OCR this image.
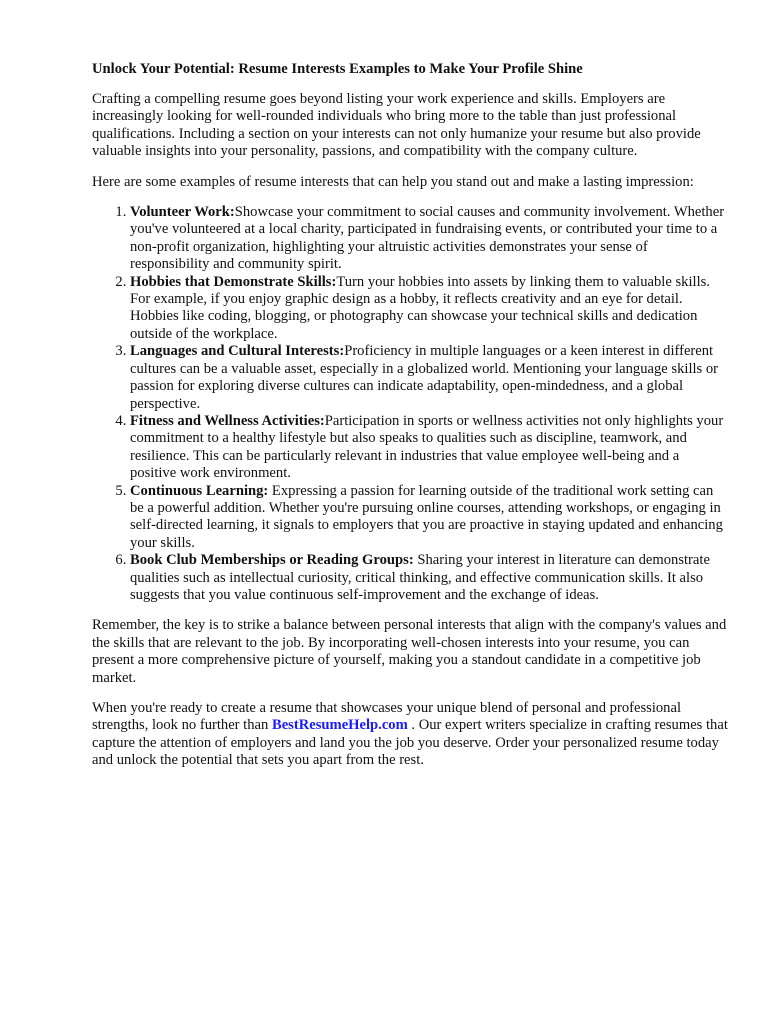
Unlock Your Potential: Resume Interests Examples to Make Your Profile Shine

Crafting a compelling resume goes beyond listing your work experience and skills. Employers are increasingly looking for well-rounded individuals who bring more to the table than just professional qualifications. Including a section on your interests can not only humanize your resume but also provide valuable insights into your personality, passions, and compatibility with the company culture.

Here are some examples of resume interests that can help you stand out and make a lasting impression:

1. Volunteer Work:Showcase your commitment to social causes and community involvement. Whether you've volunteered at a local charity, participated in fundraising events, or contributed your time to a non-profit organization, highlighting your altruistic activities demonstrates your sense of responsibility and community spirit.
2. Hobbies that Demonstrate Skills:Turn your hobbies into assets by linking them to valuable skills. For example, if you enjoy graphic design as a hobby, it reflects creativity and an eye for detail. Hobbies like coding, blogging, or photography can showcase your technical skills and dedication outside of the workplace.
3. Languages and Cultural Interests:Proficiency in multiple languages or a keen interest in different cultures can be a valuable asset, especially in a globalized world. Mentioning your language skills or passion for exploring diverse cultures can indicate adaptability, open-mindedness, and a global perspective.
4. Fitness and Wellness Activities:Participation in sports or wellness activities not only highlights your commitment to a healthy lifestyle but also speaks to qualities such as discipline, teamwork, and resilience. This can be particularly relevant in industries that value employee well-being and a positive work environment.
5. Continuous Learning: Expressing a passion for learning outside of the traditional work setting can be a powerful addition. Whether you're pursuing online courses, attending workshops, or engaging in self-directed learning, it signals to employers that you are proactive in staying updated and enhancing your skills.
6. Book Club Memberships or Reading Groups: Sharing your interest in literature can demonstrate qualities such as intellectual curiosity, critical thinking, and effective communication skills. It also suggests that you value continuous self-improvement and the exchange of ideas.

Remember, the key is to strike a balance between personal interests that align with the company's values and the skills that are relevant to the job. By incorporating well-chosen interests into your resume, you can present a more comprehensive picture of yourself, making you a standout candidate in a competitive job market.

When you're ready to create a resume that showcases your unique blend of personal and professional strengths, look no further than BestResumeHelp.com . Our expert writers specialize in crafting resumes that capture the attention of employers and land you the job you deserve. Order your personalized resume today and unlock the potential that sets you apart from the rest.
